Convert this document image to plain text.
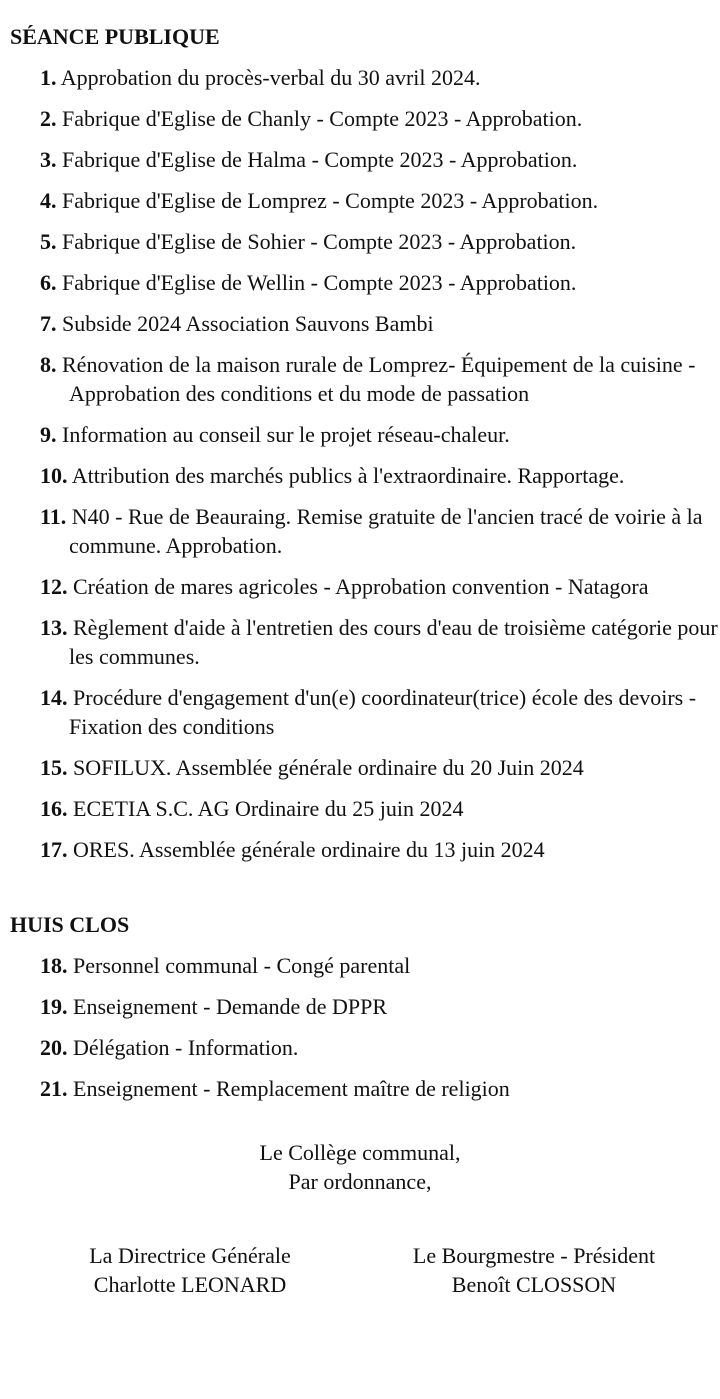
SÉANCE PUBLIQUE
1. Approbation du procès-verbal du 30 avril 2024.
2. Fabrique d'Eglise de Chanly - Compte 2023 - Approbation.
3. Fabrique d'Eglise de Halma - Compte 2023 - Approbation.
4. Fabrique d'Eglise de Lomprez - Compte 2023 - Approbation.
5. Fabrique d'Eglise de Sohier - Compte 2023 - Approbation.
6. Fabrique d'Eglise de Wellin - Compte 2023 - Approbation.
7. Subside 2024 Association Sauvons Bambi
8. Rénovation de la maison rurale de Lomprez- Équipement de la cuisine - Approbation des conditions et du mode de passation
9. Information au conseil sur le projet réseau-chaleur.
10. Attribution des marchés publics à l'extraordinaire. Rapportage.
11. N40 - Rue de Beauraing. Remise gratuite de l'ancien tracé de voirie à la commune. Approbation.
12. Création de mares agricoles - Approbation convention - Natagora
13. Règlement d'aide à l'entretien des cours d'eau de troisième catégorie pour les communes.
14. Procédure d'engagement d'un(e) coordinateur(trice) école des devoirs - Fixation des conditions
15. SOFILUX. Assemblée générale ordinaire du 20 Juin 2024
16. ECETIA S.C. AG Ordinaire du 25 juin 2024
17. ORES. Assemblée générale ordinaire du 13 juin 2024
HUIS CLOS
18. Personnel communal - Congé parental
19. Enseignement - Demande de DPPR
20. Délégation - Information.
21. Enseignement - Remplacement maître de religion
Le Collège communal,
Par ordonnance,
La Directrice Générale
Charlotte LEONARD
Le Bourgmestre - Président
Benoît CLOSSON
